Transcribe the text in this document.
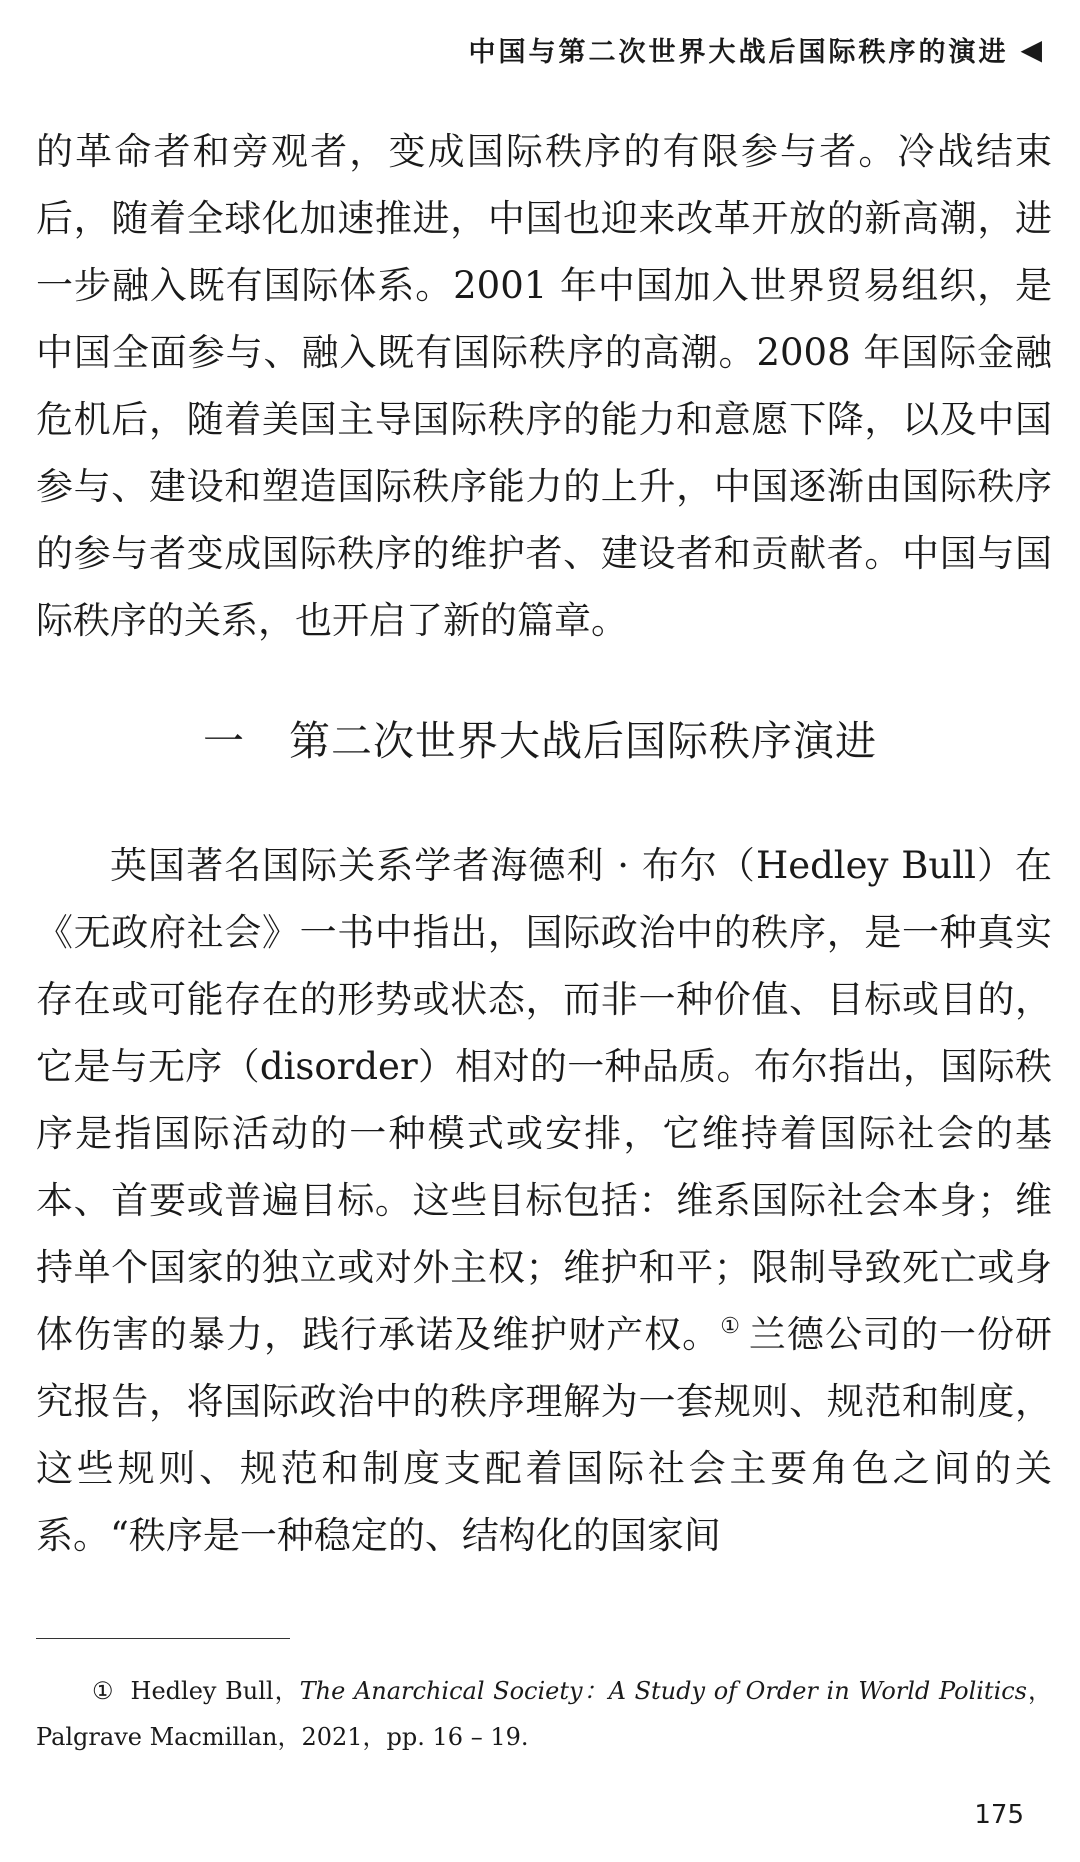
中国与第二次世界大战后国际秩序的演进 ◀
的革命者和旁观者，变成国际秩序的有限参与者。冷战结束后，随着全球化加速推进，中国也迎来改革开放的新高潮，进一步融入既有国际体系。2001 年中国加入世界贸易组织，是中国全面参与、融入既有国际秩序的高潮。2008 年国际金融危机后，随着美国主导国际秩序的能力和意愿下降，以及中国参与、建设和塑造国际秩序能力的上升，中国逐渐由国际秩序的参与者变成国际秩序的维护者、建设者和贡献者。中国与国际秩序的关系，也开启了新的篇章。
一 第二次世界大战后国际秩序演进
英国著名国际关系学者海德利 · 布尔（Hedley Bull）在《无政府社会》一书中指出，国际政治中的秩序，是一种真实存在或可能存在的形势或状态，而非一种价值、目标或目的，它是与无序（disorder）相对的一种品质。布尔指出，国际秩序是指国际活动的一种模式或安排，它维持着国际社会的基本、首要或普遍目标。这些目标包括：维系国际社会本身；维持单个国家的独立或对外主权；维护和平；限制导致死亡或身体伤害的暴力，践行承诺及维护财产权。① 兰德公司的一份研究报告，将国际政治中的秩序理解为一套规则、规范和制度，这些规则、规范和制度支配着国际社会主要角色之间的关系。“秩序是一种稳定的、结构化的国家间
① Hedley Bull，The Anarchical Society：A Study of Order in World Politics，Palgrave Macmillan，2021，pp. 16 – 19.
175
